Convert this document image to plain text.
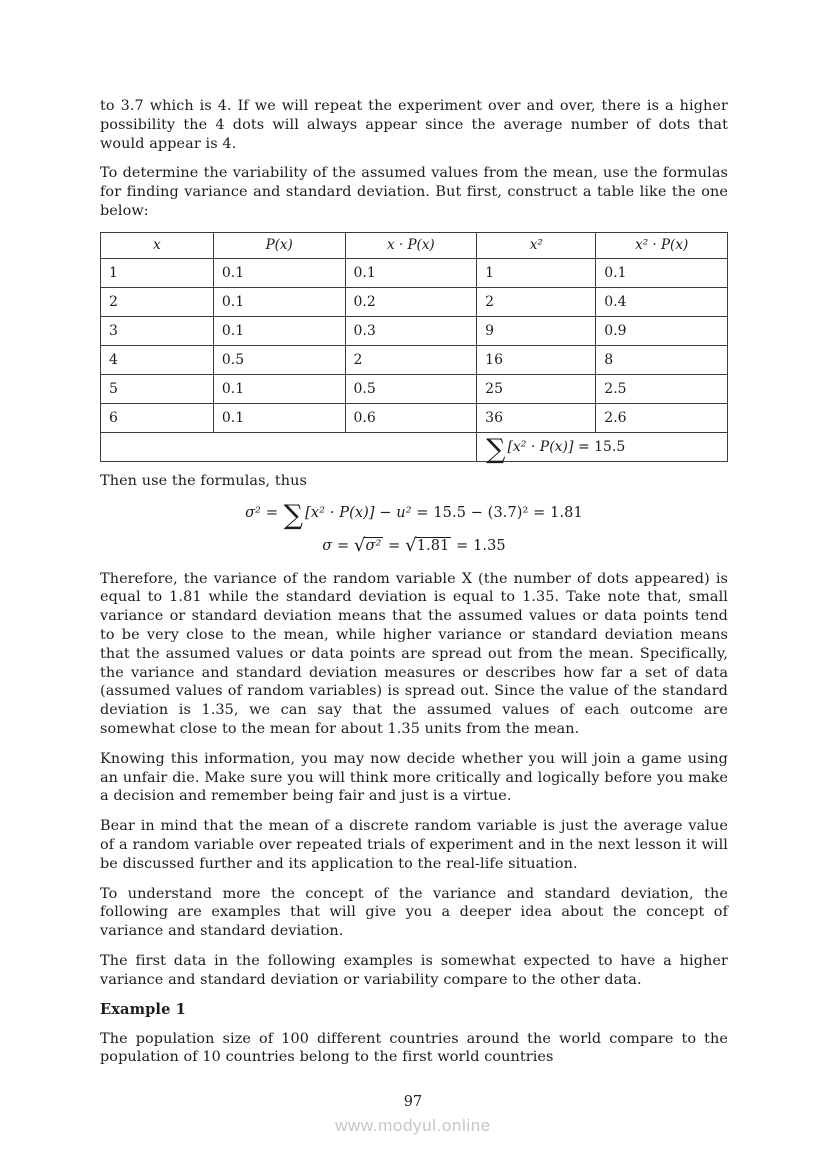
to 3.7 which is 4. If we will repeat the experiment over and over, there is a higher possibility the 4 dots will always appear since the average number of dots that would appear is 4.

To determine the variability of the assumed values from the mean, use the formulas for finding variance and standard deviation. But first, construct a table like the one below:

x	P(x)	x · P(x)	x²	x² · P(x)
1	0.1	0.1	1	0.1
2	0.1	0.2	2	0.4
3	0.1	0.3	9	0.9
4	0.5	2	16	8
5	0.1	0.5	25	2.5
6	0.1	0.6	36	2.6
			∑ [x² · P(x)] = 15.5	

Then use the formulas, thus

σ² = ∑ [x² · P(x)] − u² = 15.5 − (3.7)² = 1.81
σ = √σ² = √1.81 = 1.35

Therefore, the variance of the random variable X (the number of dots appeared) is equal to 1.81 while the standard deviation is equal to 1.35. Take note that, small variance or standard deviation means that the assumed values or data points tend to be very close to the mean, while higher variance or standard deviation means that the assumed values or data points are spread out from the mean. Specifically, the variance and standard deviation measures or describes how far a set of data (assumed values of random variables) is spread out. Since the value of the standard deviation is 1.35, we can say that the assumed values of each outcome are somewhat close to the mean for about 1.35 units from the mean.

Knowing this information, you may now decide whether you will join a game using an unfair die. Make sure you will think more critically and logically before you make a decision and remember being fair and just is a virtue.

Bear in mind that the mean of a discrete random variable is just the average value of a random variable over repeated trials of experiment and in the next lesson it will be discussed further and its application to the real-life situation.

To understand more the concept of the variance and standard deviation, the following are examples that will give you a deeper idea about the concept of variance and standard deviation.

The first data in the following examples is somewhat expected to have a higher variance and standard deviation or variability compare to the other data.

Example 1

The population size of 100 different countries around the world compare to the population of 10 countries belong to the first world countries

97
www.modyul.online
